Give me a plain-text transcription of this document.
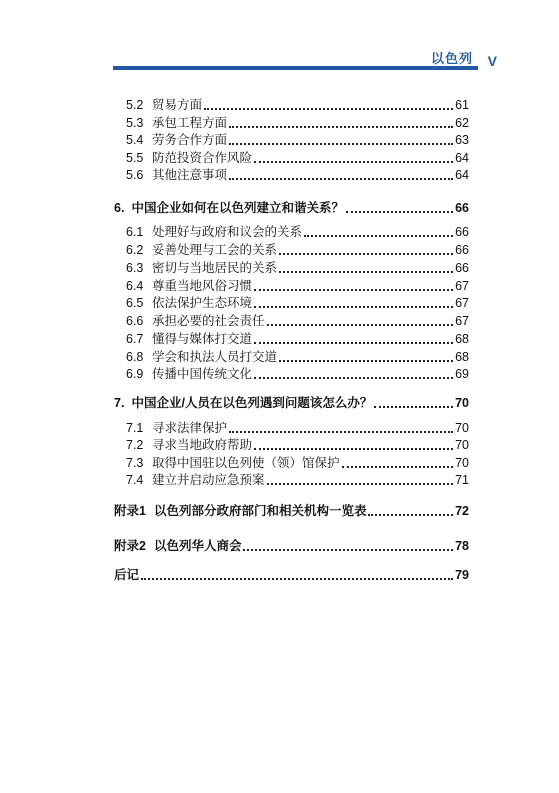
以色列 V
5.2 贸易方面	61
5.3 承包工程方面	62
5.4 劳务合作方面	63
5.5 防范投资合作风险	64
5.6 其他注意事项	64
6. 中国企业如何在以色列建立和谐关系？	66
6.1 处理好与政府和议会的关系	66
6.2 妥善处理与工会的关系	66
6.3 密切与当地居民的关系	66
6.4 尊重当地风俗习惯	67
6.5 依法保护生态环境	67
6.6 承担必要的社会责任	67
6.7 懂得与媒体打交道	68
6.8 学会和执法人员打交道	68
6.9 传播中国传统文化	69
7. 中国企业/人员在以色列遇到问题该怎么办？	70
7.1 寻求法律保护	70
7.2 寻求当地政府帮助	70
7.3 取得中国驻以色列使（领）馆保护	70
7.4 建立并启动应急预案	71
附录1 以色列部分政府部门和相关机构一览表	72
附录2 以色列华人商会	78
后记	79
